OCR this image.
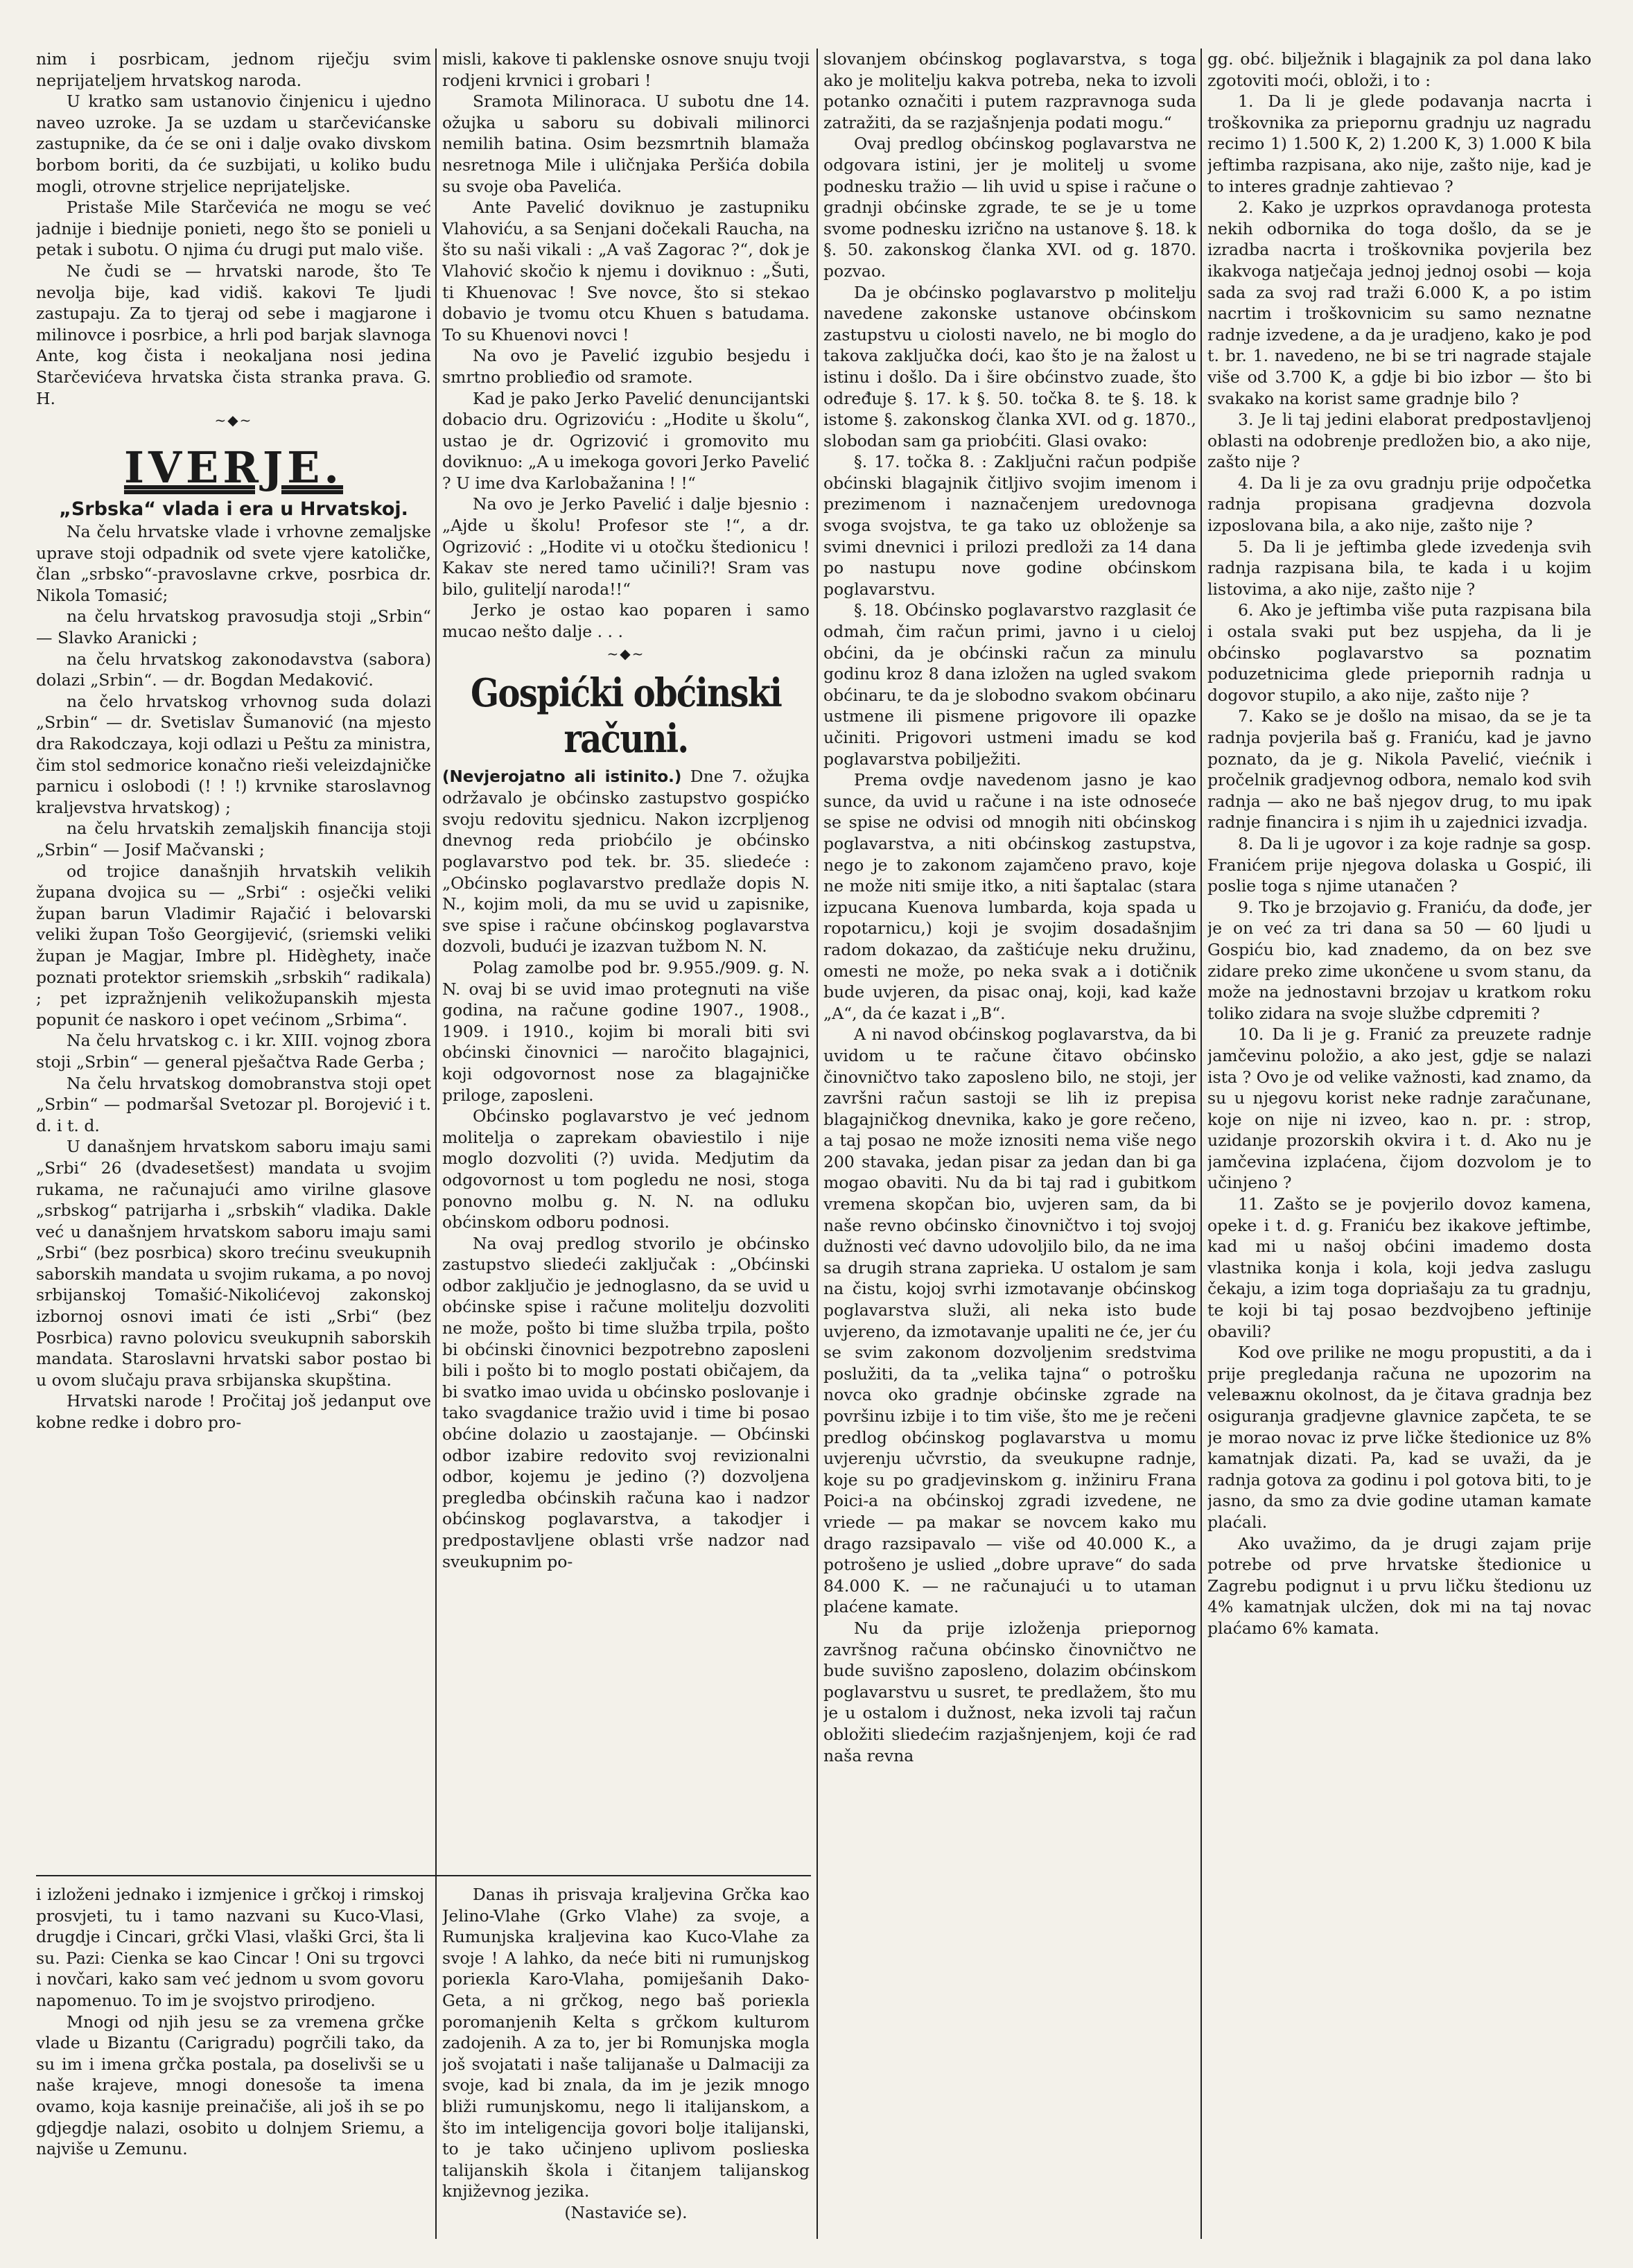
nim i posrbicam, jednom riječju svim neprijateljem hrvatskog naroda.

U kratko sam ustanovio činjenicu i ujedno naveo uzroke. Ja se uzdam u starčevićanske zastupnike, da će se oni i dalje ovako divskom borbom boriti, da će suzbijati, u koliko budu mogli, otrovne strjelice neprijateljske.

Pristaše Mile Starčevića ne mogu se već jadnije i biednije ponieti, nego što se ponieli u petak i subotu. O njima ću drugi put malo više.

Ne čudi se — hrvatski narode, što Te nevolja bije, kad vidiš. kakovi Te ljudi zastupaju. Za to tjeraj od sebe i magjarone i milinovce i posrbice, a hrli pod barjak slavnoga Ante, kog čista i neokaljana nosi jedina Starčevićeva hrvatska čista stranka prava. G. H.

~◆~
IVERJE.
„Srbska“ vlada i era u Hrvatskoj.

Na čelu hrvatske vlade i vrhovne zemaljske uprave stoji odpadnik od svete vjere katoličke, član „srbsko“-pravoslavne crkve, posrbica dr. Nikola Tomasić;

na čelu hrvatskog pravosudja stoji „Srbin“ — Slavko Aranicki ;

na čelu hrvatskog zakonodavstva (sabora) dolazi „Srbin“. — dr. Bogdan Medaković.

na čelo hrvatskog vrhovnog suda dolazi „Srbin“ — dr. Svetislav Šumanović (na mjesto dra Rakodczaya, koji odlazi u Peštu za ministra, čim stol sedmorice konačno rieši veleizdajničke parnicu i oslobodi (! ! !) krvnike staroslavnog kraljevstva hrvatskog) ;

na čelu hrvatskih zemaljskih financija stoji „Srbin“ — Josif Mačvanski ;

od trojice današnjih hrvatskih velikih župana dvojica su — „Srbi“ : osječki veliki župan barun Vladimir Rajačić i belovarski veliki župan Tošo Georgijević, (sriemski veliki župan je Magjar, Imbre pl. Hidèghety, inače poznati protektor sriemskih „srbskih“ radikala) ; pet izpražnjenih velikožupanskih mjesta popunit će naskoro i opet većinom „Srbima“.

Na čelu hrvatskog c. i kr. XIII. vojnog zbora stoji „Srbin“ — general pješačtva Rade Gerba ;

Na čelu hrvatskog domobranstva stoji opet „Srbin“ — podmaršal Svetozar pl. Borojević i t. d. i t. d.

U današnjem hrvatskom saboru imaju sami „Srbi“ 26 (dvadesetšest) mandata u svojim rukama, ne računajući amo virilne glasove „srbskog“ patrijarha i „srbskih“ vladika. Dakle već u današnjem hrvatskom saboru imaju sami „Srbi“ (bez posrbica) skoro trećinu sveukupnih saborskih mandata u svojim rukama, a po novoj srbijanskoj Tomašić-Nikolićevoj zakonskoj izbornoj osnovi imati će isti „Srbi“ (bez Posrbica) ravno polovicu sveukupnih saborskih mandata. Staroslavni hrvatski sabor postao bi u ovom slučaju prava srbijanska skupština.

Hrvatski narode ! Pročitaj još jedanput ove kobne redke i dobro pro-

misli, kakove ti paklenske osnove snuju tvoji rodjeni krvnici i grobari !

Sramota Milinoraca. U subotu dne 14. ožujka u saboru su dobivali milinorci nemilih batina. Osim bezsmrtnih blamaža nesretnoga Mile i uličnjaka Peršića dobila su svoje oba Pavelića.

Ante Pavelić doviknuo je zastupniku Vlahoviću, a sa Senjani dočekali Raucha, na što su naši vikali : „A vaš Zagorac ?“, dok je Vlahović skočio k njemu i doviknuo : „Šuti, ti Khuenovac ! Sve novce, što si stekao dobavio je tvomu otcu Khuen s batudama. To su Khuenovi novci !

Na ovo je Pavelić izgubio besjedu i smrtno problieđio od sramote.

Kad je pako Jerko Pavelić denuncijantski dobacio dru. Ogrizoviću : „Hodite u školu“, ustao je dr. Ogrizović i gromovito mu doviknuo: „A u imekoga govori Jerko Pavelić ? U ime dva Karlobažanina ! !“

Na ovo je Jerko Pavelić i dalje bjesnio : „Ajde u školu! Profesor ste !“, a dr. Ogrizović : „Hodite vi u otočku štedionicu ! Kakav ste nered tamo učinili?! Sram vas bilo, guliteljí naroda!!“

Jerko je ostao kao poparen i samo mucao nešto dalje . . .

~◆~
Gospićki obćinski računi.

(Nevjerojatno ali istinito.) Dne 7. ožujka održavalo je obćinsko zastupstvo gospićko svoju redovitu sjednicu. Nakon izcrpljenog dnevnog reda priobćilo je obćinsko poglavarstvo pod tek. br. 35. sliedeće : „Obćinsko poglavarstvo predlaže dopis N. N., kojim moli, da mu se uvid u zapisnike, sve spise i račune obćinskog poglavarstva dozvoli, budući je izazvan tužbom N. N.

Polag zamolbe pod br. 9.955./909. g. N. N. ovaj bi se uvid imao protegnuti na više godina, na račune godine 1907., 1908., 1909. i 1910., kojim bi morali biti svi obćinski činovnici — naročito blagajnici, koji odgovornost nose za blagajničke priloge, zaposleni.

Obćinsko poglavarstvo je već jednom molitelja o zaprekam obaviestilo i nije moglo dozvoliti (?) uvida. Medjutim da odgovornost u tom pogledu ne nosi, stoga ponovno molbu g. N. N. na odluku obćinskom odboru podnosi.

Na ovaj predlog stvorilo je obćinsko zastupstvo sliedeći zaključak : „Obćinski odbor zaključio je jednoglasno, da se uvid u obćinske spise i račune molitelju dozvoliti ne može, pošto bi time služba trpila, pošto bi obćinski činovnici bezpotrebno zaposleni bili i pošto bi to moglo postati običajem, da bi svatko imao uvida u obćinsko poslovanje i tako svagdanice tražio uvid i time bi posao obćine dolazio u zaostajanje. — Obćinski odbor izabire redovito svoj revizionalni odbor, kojemu je jedino (?) dozvoljena pregledba obćinskih računa kao i nadzor obćinskog poglavarstva, a takodjer i predpostavljene oblasti vrše nadzor nad sveukupnim po-

slovanjem obćinskog poglavarstva, s toga ako je molitelju kakva potreba, neka to izvoli potanko označiti i putem razpravnoga suda zatražiti, da se razjašnjenja podati mogu.“

Ovaj predlog obćinskog poglavarstva ne odgovara istini, jer je molitelj u svome podnesku tražio — lih uvid u spise i račune o gradnji obćinske zgrade, te se je u tome svome podnesku izrično na ustanove §. 18. k §. 50. zakonskog članka XVI. od g. 1870. pozvao.

Da je obćinsko poglavarstvo p molitelju navedene zakonske ustanove obćinskom zastupstvu u ciolosti navelo, ne bi moglo do takova zaključka doći, kao što je na žalost u istinu i došlo. Da i šire obćinstvo zuade, što određuje §. 17. k §. 50. točka 8. te §. 18. k istome §. zakonskog članka XVI. od g. 1870., slobodan sam ga priobćiti. Glasi ovako:

§. 17. točka 8. : Zaključni račun podpiše obćinski blagajnik čitljivo svojim imenom i prezimenom i naznačenjem uredovnoga svoga svojstva, te ga tako uz obloženje sa svimi dnevnici i prilozi predloži za 14 dana po nastupu nove godine obćinskom poglavarstvu.

§. 18. Obćinsko poglavarstvo razglasit će odmah, čim račun primi, javno i u cieloj obćini, da je obćinski račun za minulu godinu kroz 8 dana izložen na ugled svakom obćinaru, te da je slobodno svakom obćinaru ustmene ili pismene prigovore ili opazke učiniti. Prigovori ustmeni imadu se kod poglavarstva pobilježiti.

Prema ovdje navedenom jasno je kao sunce, da uvid u račune i na iste odnoseće se spise ne odvisi od mnogih niti obćinskog poglavarstva, a niti obćinskog zastupstva, nego je to zakonom zajamčeno pravo, koje ne može niti smije itko, a niti šaptalac (stara izpucana Kuenova lumbarda, koja spada u ropotarnicu,) koji je svojim dosadašnjim radom dokazao, da zaštićuje neku družinu, omesti ne može, po neka svak a i dotičnik bude uvjeren, da pisac onaj, koji, kad kaže „A“, da će kazat i „B“.

A ni navod obćinskog poglavarstva, da bi uvidom u te račune čitavo obćinsko činovničtvo tako zaposleno bilo, ne stoji, jer završni račun sastoji se lih iz prepisa blagajničkog dnevnika, kako je gore rečeno, a taj posao ne može iznositi nema više nego 200 stavaka, jedan pisar za jedan dan bi ga mogao obaviti. Nu da bi taj rad i gubitkom vremena skopčan bio, uvjeren sam, da bi naše revno obćinsko činovničtvo i toj svojoj dužnosti već davno udovoljilo bilo, da ne ima sa drugih strana zaprieka. U ostalom je sam na čistu, kojoj svrhi izmotavanje obćinskog poglavarstva služi, ali neka isto bude uvjereno, da izmotavanje upaliti ne će, jer ću se svim zakonom dozvoljenim sredstvima poslužiti, da ta „velika tajna“ o potrošku novca oko gradnje obćinske zgrade na površinu izbije i to tim više, što me je rečeni predlog obćinskog poglavarstva u momu uvjerenju učvrstio, da sveukupne radnje, koje su po gradjevinskom g. inžiniru Frana Poici-a na obćinskoj zgradi izvedene, ne vriede — pa makar se novcem kako mu drago razsipavalo — više od 40.000 K., a potrošeno je uslied „dobre uprave“ do sada 84.000 K. — ne računajući u to utaman plaćene kamate.

Nu da prije izloženja priepornog završnog računa obćinsko činovničtvo ne bude suvišno zaposleno, dolazim obćinskom poglavarstvu u susret, te predlažem, što mu je u ostalom i dužnost, neka izvoli taj račun obložiti sliedećim razjašnjenjem, koji će rad naša revna

gg. obć. bilježnik i blagajnik za pol dana lako zgotoviti moći, obloži, i to :

1. Da li je glede podavanja nacrta i troškovnika za priepornu gradnju uz nagradu recimo 1) 1.500 K, 2) 1.200 K, 3) 1.000 K bila jeftimba razpisana, ako nije, zašto nije, kad je to interes gradnje zahtievao ?

2. Kako je uzprkos opravdanoga protesta nekih odbornika do toga došlo, da se je izradba nacrta i troškovnika povjerila bez ikakvoga natječaja jednoj jednoj osobi — koja sada za svoj rad traži 6.000 K, a po istim nacrtim i troškovnicim su samo neznatne radnje izvedene, a da je uradjeno, kako je pod t. br. 1. navedeno, ne bi se tri nagrade stajale više od 3.700 K, a gdje bi bio izbor — što bi svakako na korist same gradnje bilo ?

3. Je li taj jedini elaborat predpostavljenoj oblasti na odobrenje predložen bio, a ako nije, zašto nije ?

4. Da li je za ovu gradnju prije odpočetka radnja propisana gradjevna dozvola izposlovana bila, a ako nije, zašto nije ?

5. Da li je jeftimba glede izvedenja svih radnja razpisana bila, te kada i u kojim listovima, a ako nije, zašto nije ?

6. Ako je jeftimba više puta razpisana bila i ostala svaki put bez uspjeha, da li je obćinsko poglavarstvo sa poznatim poduzetnicima glede priepornih radnja u dogovor stupilo, a ako nije, zašto nije ?

7. Kako se je došlo na misao, da se je ta radnja povjerila baš g. Franiću, kad je javno poznato, da je g. Nikola Pavelić, viećnik i pročelnik gradjevnog odbora, nemalo kod svih radnja — ako ne baš njegov drug, to mu ipak radnje financira i s njim ih u zajednici izvadja.

8. Da li je ugovor i za koje radnje sa gosp. Franićem prije njegova dolaska u Gospić, ili poslie toga s njime utanačen ?

9. Tko je brzojavio g. Franiću, da dođe, jer je on već za tri dana sa 50 — 60 ljudi u Gospiću bio, kad znademo, da on bez sve zidare preko zime ukončene u svom stanu, da može na jednostavni brzojav u kratkom roku toliko zidara na svoje službe cdpremiti ?

10. Da li je g. Franić za preuzete radnje jamčevinu položio, a ako jest, gdje se nalazi ista ? Ovo je od velike važnosti, kad znamo, da su u njegovu korist neke radnje zaračunane, koje on nije ni izveo, kao n. pr. : strop, uzidanje prozorskih okvira i t. d. Ako nu je jamčevina izplaćena, čijom dozvolom je to učinjeno ?

11. Zašto se je povjerilo dovoz kamena, opeke i t. d. g. Franiću bez ikakove jeftimbe, kad mi u našoj obćini imademo dosta vlastnika konja i kola, koji jedva zaslugu čekaju, a izim toga dopriašaju za tu gradnju, te koji bi taj posao bezdvojbeno jeftinije obavili?

Kod ove prilike ne mogu propustiti, a da i prije pregledanja računa ne upozorim na veleважnu okolnost, da je čitava gradnja bez osiguranja gradjevne glavnice zapčeta, te se je morao novac iz prve ličke štedionice uz 8% kamatnjak dizati. Pa, kad se uvaži, da je radnja gotova za godinu i pol gotova biti, to je jasno, da smo za dvie godine utaman kamate plaćali.

Ako uvažimo, da je drugi zajam prije potrebe od prve hrvatske štedionice u Zagrebu podignut i u prvu ličku štedionu uz 4% kamatnjak ulcžen, dok mi na taj novac plaćamo 6% kamata.

i izloženi jednako i izmjenice i grčkoj i rimskoj prosvjeti, tu i tamo nazvani su Kuco-Vlasi, drugdje i Cincari, grčki Vlasi, vlaški Grci, šta li su. Pazi: Cienka se kao Cincar ! Oni su trgovci i novčari, kako sam već jednom u svom govoru napomenuo. To im je svojstvo prirodjeno.

Mnogi od njih jesu se za vremena grčke vlade u Bizantu (Carigradu) pogrčili tako, da su im i imena grčka postala, pa doselivši se u naše krajeve, mnogi donesoše ta imena ovamo, koja kasnije preinačiše, ali još ih se po gdjegdje nalazi, osobito u dolnjem Sriemu, a najviše u Zemunu.

Danas ih prisvaja kraljevina Grčka kao Jelino-Vlahe (Grko Vlahe) za svoje, a Rumunjska kraljevina kao Kuco-Vlahe za svoje ! A lahko, da neće biti ni rumunjskog porieкla Karo-Vlaha, pomiješanih Dako-Geta, a ni grčkog, nego baš porieкla poromanjenih Kelta s grčkom kulturom zadojenih. A za to, jer bi Romunjska mogla još svojatati i naše talijanaše u Dalmaciji za svoje, kad bi znala, da im je jezik mnogo bliži rumunjskomu, nego li italijanskom, a što im inteligencija govori bolje italijanski, to je tako učinjeno uplivom poslieska talijanskih škola i čitanjem talijanskog knjižеvnog jezika.

(Nastaviće se).
